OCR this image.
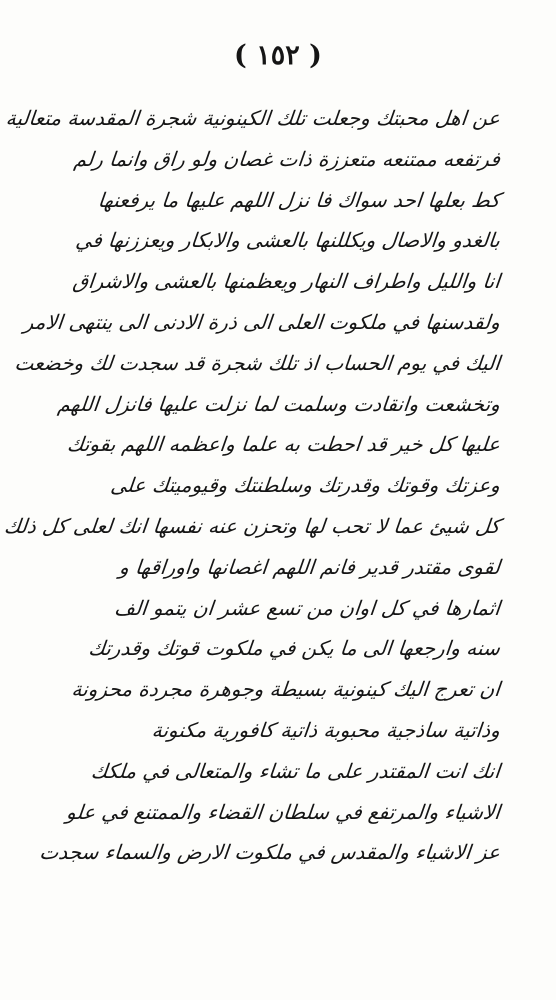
( ١٥٢ )
عن اهل محبتك وجعلت تلك الكينونية شجرة المقدسة متعالية
فرتفعه ممتنعه متعززة ذات غصان ولو راق وانما رلم
كط بعلها احد سواك فا نزل اللهم عليها ما يرفعنها
بالغدو والاصال ويكللنها بالعشى والابكار ويعززنها في
انا والليل واطراف النهار ويعظمنها بالعشى والاشراق
ولقدسنها في ملكوت العلى الى ذرة الادنى الى ينتهى الامر
اليك في يوم الحساب اذ تلك شجرة قد سجدت لك وخضعت
وتخشعت وانقادت وسلمت لما نزلت عليها فانزل اللهم
عليها كل خير قد احطت به علما واعظمه اللهم بقوتك
وعزتك وقوتك وقدرتك وسلطنتك وقيوميتك على
كل شيئ عما لا تحب لها وتحزن عنه نفسها انك لعلى كل ذلك
لقوى مقتدر قدير فانم اللهم اغصانها واوراقها و
اثمارها في كل اوان من تسع عشر ان يتمو الف
سنه وارجعها الى ما يكن في ملكوت قوتك وقدرتك
ان تعرج اليك كينونية بسيطة وجوهرة مجردة محزونة
وذاتية ساذجية محبوبة ذاتية كافورية مكنونة
انك انت المقتدر على ما تشاء والمتعالى في ملكك
الاشياء والمرتفع في سلطان القضاء والممتنع في علو
عز الاشياء والمقدس في ملكوت الارض والسماء سجدت
